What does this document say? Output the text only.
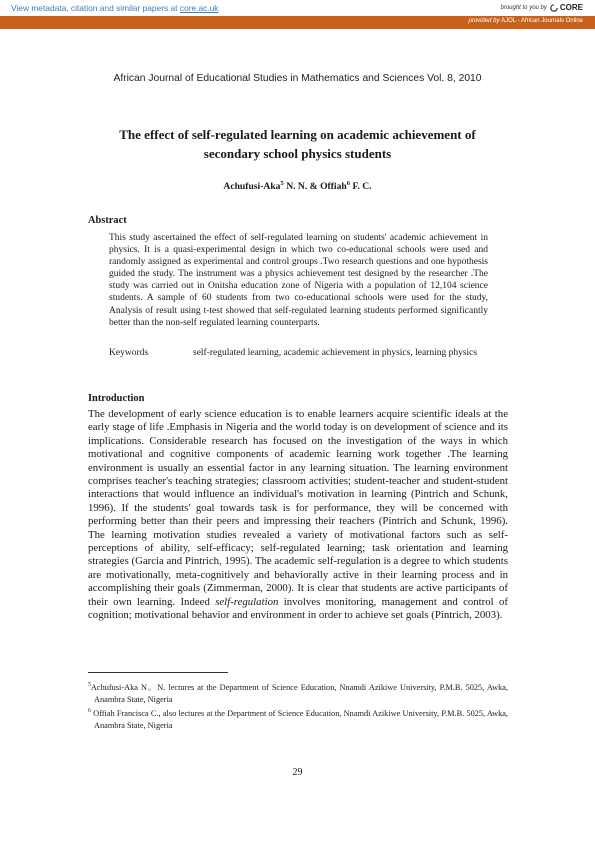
View metadata, citation and similar papers at core.ac.uk	brought to you by CORE
provided by AJOL - African Journals Online
African Journal of Educational Studies in Mathematics and Sciences Vol. 8, 2010
The effect of self-regulated learning on academic achievement of
secondary school physics students
Achufusi-Aka$^5$ N. N. & Offiah$^6$ F. C.
Abstract

This study ascertained the effect of self-regulated learning on students' academic achievement in physics. It is a quasi-experimental design in which two co-educational schools were used and randomly assigned as experimental and control groups .Two research questions and one hypothesis guided the study. The instrument was a physics achievement test designed by the researcher .The study was carried out in Onitsha education zone of Nigeria with a population of 12,104 science students. A sample of 60 students from two co-educational schools were used for the study, Analysis of result using t-test showed that self-regulated learning students performed significantly better than the non-self regulated learning counterparts.

Keywords	self-regulated learning, academic achievement in physics, learning physics
Introduction

The development of early science education is to enable learners acquire scientific ideals at the early stage of life .Emphasis in Nigeria and the world today is on development of science and its implications. Considerable research has focused on the investigation of the ways in which motivational and cognitive components of academic learning work together .The learning environment is usually an essential factor in any learning situation. The learning environment comprises teacher's teaching strategies; classroom activities; student-teacher and student-student interactions that would influence an individual's motivation in learning (Pintrich and Schunk, 1996). If the students' goal towards task is for performance, they will be concerned with performing better than their peers and impressing their teachers (Pintrich and Schunk, 1996). The learning motivation studies revealed a variety of motivational factors such as self-perceptions of ability, self-efficacy; self-regulated learning; task orientation and learning strategies (Garcia and Pintrich, 1995). The academic self-regulation is a degree to which students are motivationally, meta-cognitively and behaviorally active in their learning process and in accomplishing their goals (Zimmerman, 2000). It is clear that students are active participants of their own learning. Indeed self-regulation involves monitoring, management and control of cognition; motivational behavior and environment in order to achieve set goals (Pintrich, 2003).

$^5$Achufusi-Aka N。N. lectures at the Department of Science Education, Nnamdi Azikiwe University, P.M.B. 5025, Awka, Anambra State, Nigeria
$^6$ Offiah Francisca C., also lectures at the Department of Science Education, Nnamdi Azikiwe University, P.M.B. 5025, Awka, Anambra State, Nigeria
29
